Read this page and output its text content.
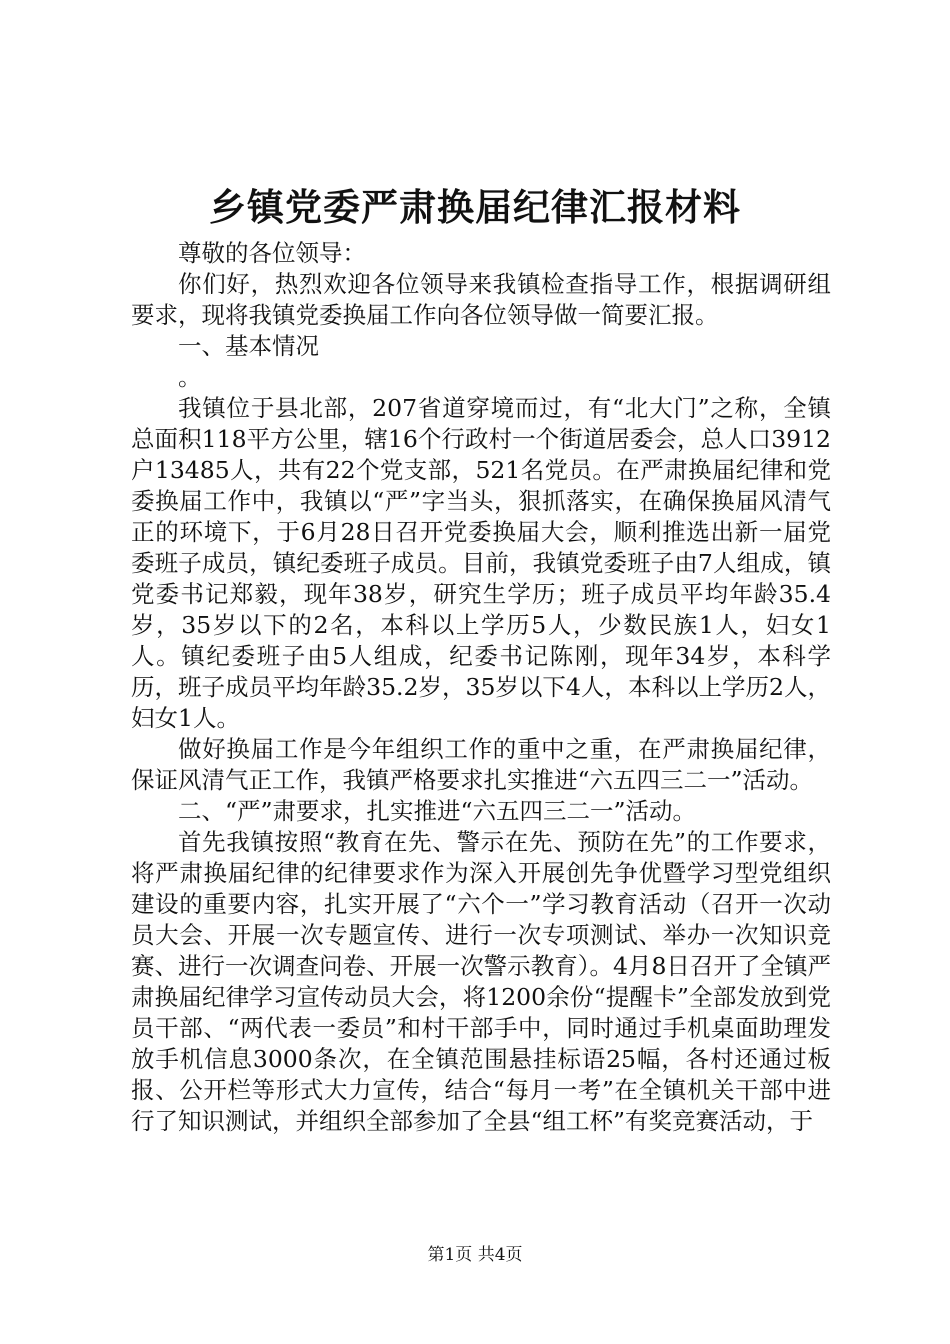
乡镇党委严肃换届纪律汇报材料

尊敬的各位领导：

你们好，热烈欢迎各位领导来我镇检查指导工作，根据调研组要求，现将我镇党委换届工作向各位领导做一简要汇报。

一、基本情况

。

我镇位于县北部，207省道穿境而过，有“北大门”之称，全镇总面积118平方公里，辖16个行政村一个街道居委会，总人口3912户13485人，共有22个党支部，521名党员。在严肃换届纪律和党委换届工作中，我镇以“严”字当头，狠抓落实，在确保换届风清气正的环境下，于6月28日召开党委换届大会，顺利推选出新一届党委班子成员，镇纪委班子成员。目前，我镇党委班子由7人组成，镇党委书记郑毅，现年38岁，研究生学历；班子成员平均年龄35.4岁，35岁以下的2名，本科以上学历5人，少数民族1人，妇女1人。镇纪委班子由5人组成，纪委书记陈刚，现年34岁，本科学历，班子成员平均年龄35.2岁，35岁以下4人，本科以上学历2人，妇女1人。

做好换届工作是今年组织工作的重中之重，在严肃换届纪律，保证风清气正工作，我镇严格要求扎实推进“六五四三二一”活动。

二、“严”肃要求，扎实推进“六五四三二一”活动。

首先我镇按照“教育在先、警示在先、预防在先”的工作要求，将严肃换届纪律的纪律要求作为深入开展创先争优暨学习型党组织建设的重要内容，扎实开展了“六个一”学习教育活动（召开一次动员大会、开展一次专题宣传、进行一次专项测试、举办一次知识竞赛、进行一次调查问卷、开展一次警示教育）。4月8日召开了全镇严肃换届纪律学习宣传动员大会，将1200余份“提醒卡”全部发放到党员干部、“两代表一委员”和村干部手中，同时通过手机桌面助理发放手机信息3000条次，在全镇范围悬挂标语25幅，各村还通过板报、公开栏等形式大力宣传，结合“每月一考”在全镇机关干部中进行了知识测试，并组织全部参加了全县“组工杯”有奖竞赛活动，于

第1页 共4页
